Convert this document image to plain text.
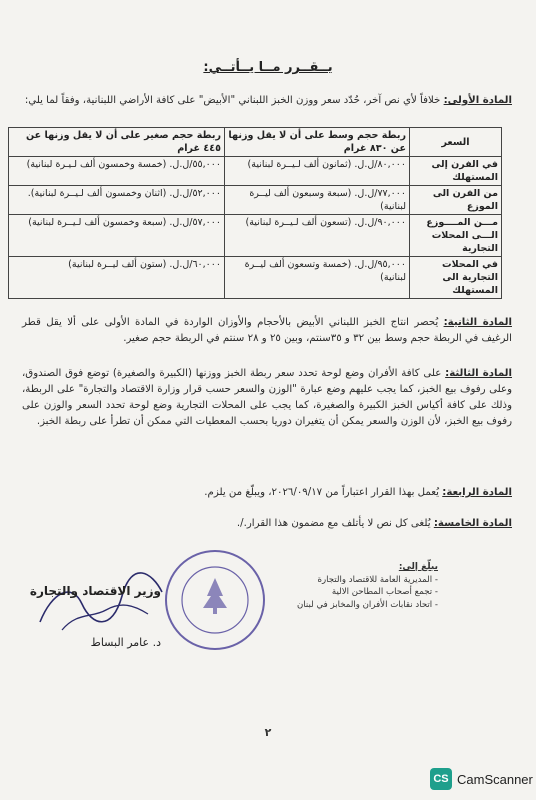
يــقــرر مــا يــأتــي:
المادة الأولى: خلافاً لأي نص آخر، حُدّد سعر ووزن الخبز اللبناني "الأبيض" على كافة الأراضي اللبنانية، وفقاً لما يلي:
السعر	ربطة حجم وسط على أن لا يقل وزنها عن ٨٣٠ غرام	ربطة حجم صغير على أن لا يقل وزنها عن ٤٤٥ غرام
في الفرن إلى المستهلك	٨٠,٠٠٠/ل.ل. (ثمانون ألف لـيــرة لبنانية)	٥٥,٠٠٠/ل.ل. (خمسة وخمسون ألف لـيـرة لبنانية)
من الفرن الى الموزع	٧٧,٠٠٠/ل.ل. (سبعة وسبعون ألف ليــرة لبنانية)	٥٢,٠٠٠/ل.ل. (اثنان وخمسون ألف لـيــرة لبنانية).
مـــن المــــوزع الـــى المحلات التجارية	٩٠,٠٠٠/ل.ل. (تسعون ألف لـيــرة لبنانية)	٥٧,٠٠٠/ل.ل. (سبعة وخمسون ألف لـيــرة لبنانية)
في المحلات التجارية الى المستهلك	٩٥,٠٠٠/ل.ل. (خمسة وتسعون ألف ليــرة لبنانية)	٦٠,٠٠٠/ل.ل. (ستون ألف ليــرة لبنانية)
المادة الثانية: يُحصر انتاج الخبز اللبناني الأبيض بالأحجام والأوزان الواردة في المادة الأولى على ألا يقل قطر الرغيف في الربطة حجم وسط بين ٣٢ و ٣٥سنتم، وبين ٢٥ و ٢٨ سنتم في الربطة حجم صغير.
المادة الثالثة: على كافة الأفران وضع لوحة تحدد سعر ربطة الخبز ووزنها (الكبيرة والصغيرة) توضع فوق الصندوق، وعلى رفوف بيع الخبز، كما يجب عليهم وضع عبارة "الوزن والسعر حسب قرار وزارة الاقتصاد والتجارة" على الربطة، وذلك على كافة أكياس الخبز الكبيرة والصغيرة، كما يجب على المحلات التجارية وضع لوحة تحدد السعر والوزن على رفوف بيع الخبز، لأن الوزن والسعر يمكن أن يتغيران دوريا بحسب المعطيات التي ممكن أن تطرأ على ربطة الخبز.
المادة الرابعة: يُعمل بهذا القرار اعتباراً من ٢٠٢٦/٠٩/١٧، ويبلّغ من يلزم.
المادة الخامسة: يُلغى كل نص لا يأتلف مع مضمون هذا القرار./.
يبلّغ إلى:
- المديرية العامة للاقتصاد والتجارة
- تجمع أصحاب المطاحن الالية
- اتحاد نقابات الأفران والمخابز في لبنان
وزير الاقتصاد والتجارة
د. عامر البساط
٢
CS CamScanner
